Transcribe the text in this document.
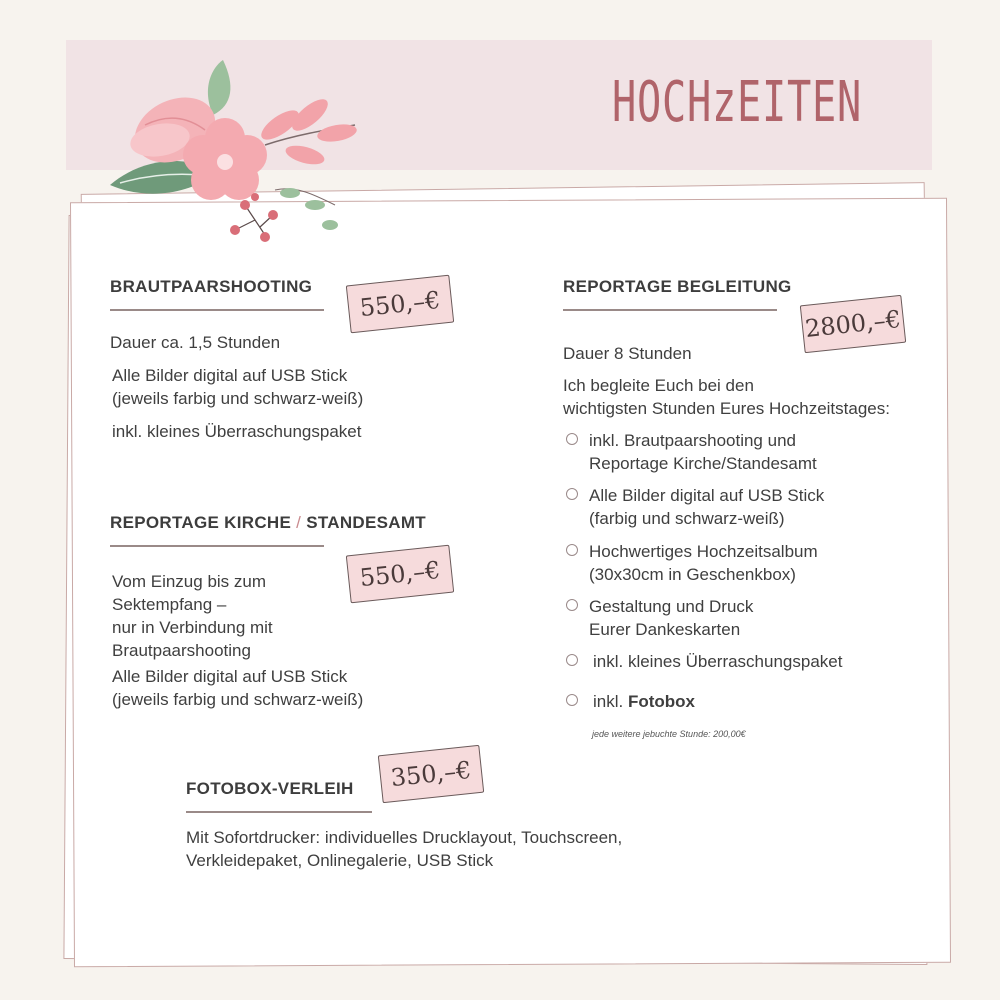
HOCHzEITEN
BRAUTPAARSHOOTING	550,–€
Dauer ca. 1,5 Stunden
Alle Bilder digital auf USB Stick
(jeweils farbig und schwarz-weiß)
inkl. kleines Überraschungspaket
REPORTAGE KIRCHE / STANDESAMT
550,–€
Vom Einzug bis zum
Sektempfang –
nur in Verbindung mit
Brautpaarshooting
Alle Bilder digital auf USB Stick
(jeweils farbig und schwarz-weiß)
REPORTAGE BEGLEITUNG
2800,–€
Dauer 8 Stunden
Ich begleite Euch bei den
wichtigsten Stunden Eures Hochzeitstages:
inkl. Brautpaarshooting und
Reportage Kirche/Standesamt
Alle Bilder digital auf USB Stick
(farbig und schwarz-weiß)
Hochwertiges Hochzeitsalbum
(30x30cm in Geschenkbox)
Gestaltung und Druck
Eurer Dankeskarten
inkl. kleines Überraschungspaket
inkl. Fotobox
jede weitere jebuchte Stunde: 200,00€
FOTOBOX-VERLEIH	350,–€
Mit Sofortdrucker: individuelles Drucklayout, Touchscreen,
Verkleidepaket, Onlinegalerie, USB Stick
